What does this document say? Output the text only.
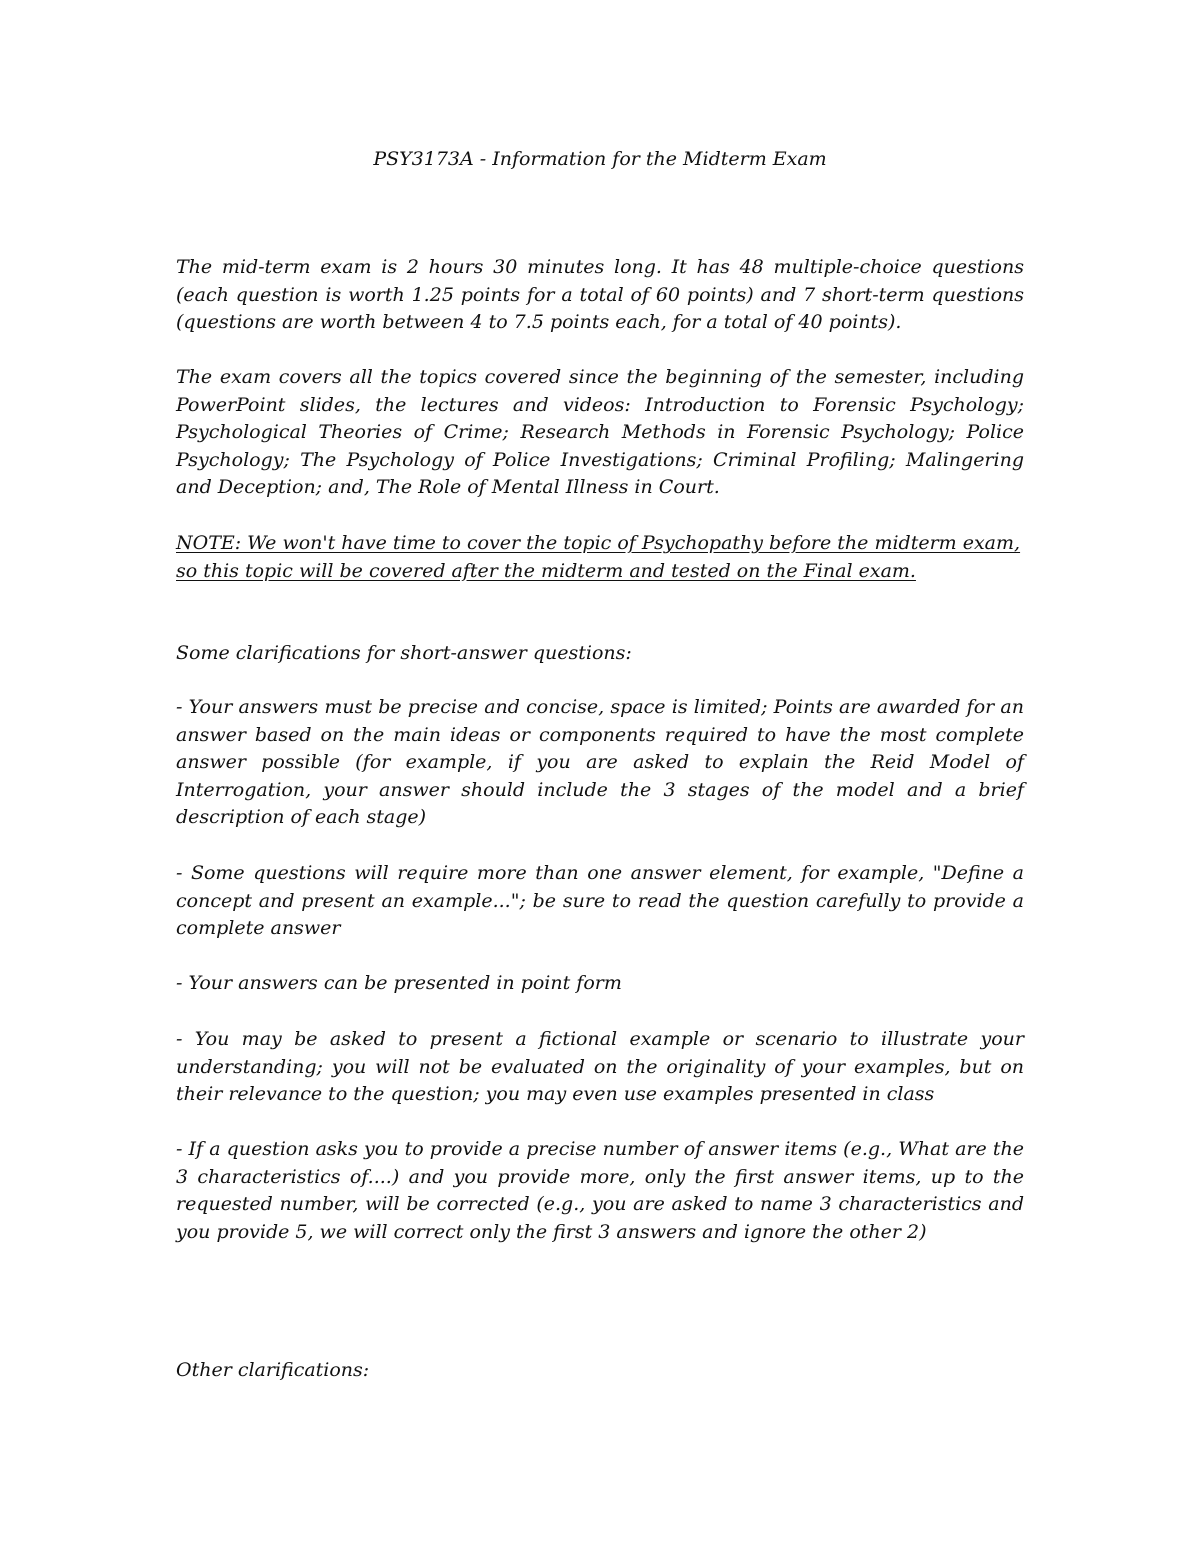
PSY3173A - Information for the Midterm Exam

The mid-term exam is 2 hours 30 minutes long. It has 48 multiple-choice questions (each question is worth 1.25 points for a total of 60 points) and 7 short-term questions (questions are worth between 4 to 7.5 points each, for a total of 40 points).

The exam covers all the topics covered since the beginning of the semester, including PowerPoint slides, the lectures and videos: Introduction to Forensic Psychology; Psychological Theories of Crime; Research Methods in Forensic Psychology; Police Psychology; The Psychology of Police Investigations; Criminal Profiling; Malingering and Deception; and, The Role of Mental Illness in Court.

NOTE: We won't have time to cover the topic of Psychopathy before the midterm exam, so this topic will be covered after the midterm and tested on the Final exam.

Some clarifications for short-answer questions:

- Your answers must be precise and concise, space is limited; Points are awarded for an answer based on the main ideas or components required to have the most complete answer possible (for example, if you are asked to explain the Reid Model of Interrogation, your answer should include the 3 stages of the model and a brief description of each stage)

- Some questions will require more than one answer element, for example, "Define a concept and present an example..."; be sure to read the question carefully to provide a complete answer

- Your answers can be presented in point form

- You may be asked to present a fictional example or scenario to illustrate your understanding; you will not be evaluated on the originality of your examples, but on their relevance to the question; you may even use examples presented in class

- If a question asks you to provide a precise number of answer items (e.g., What are the 3 characteristics of....) and you provide more, only the first answer items, up to the requested number, will be corrected (e.g., you are asked to name 3 characteristics and you provide 5, we will correct only the first 3 answers and ignore the other 2)

Other clarifications:
